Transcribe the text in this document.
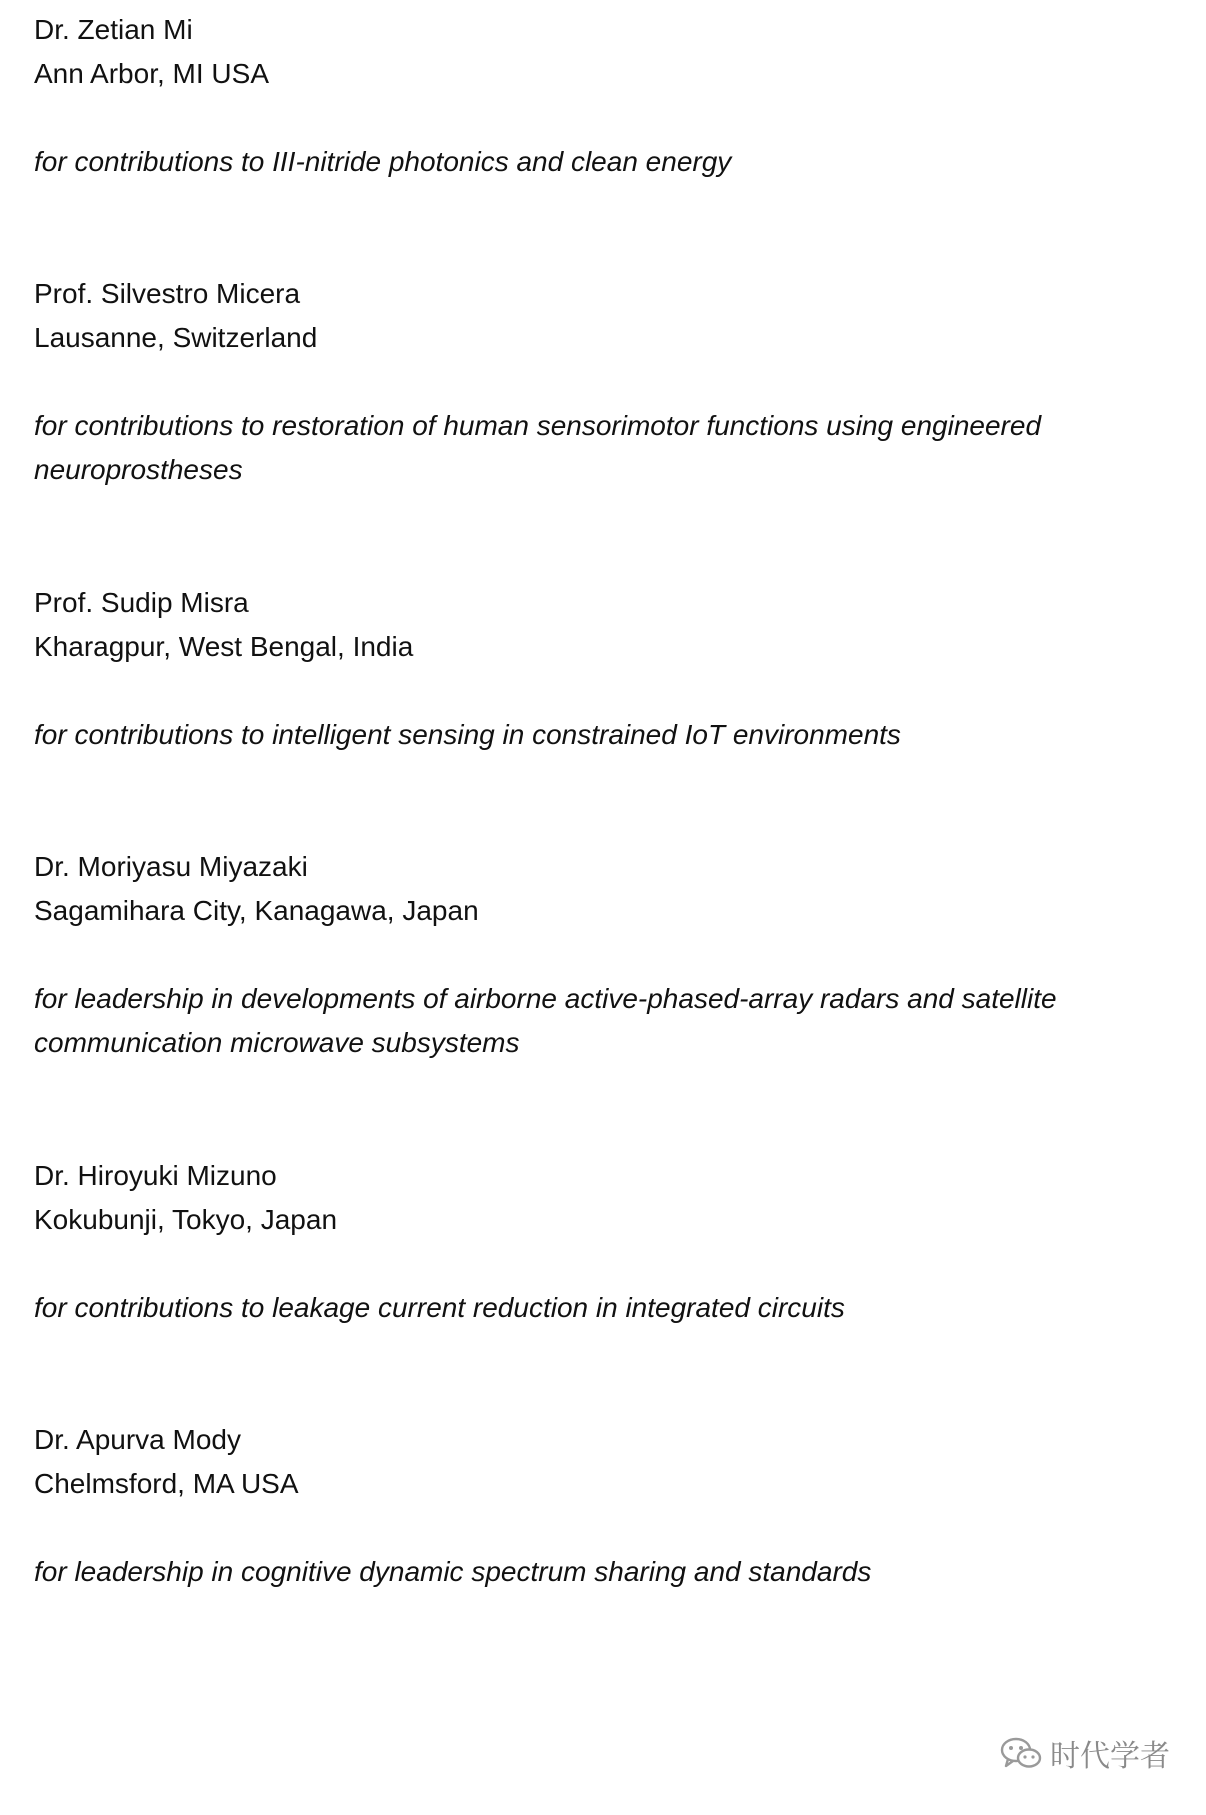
Dr. Zetian Mi
Ann Arbor, MI USA
for contributions to III-nitride photonics and clean energy
Prof. Silvestro Micera
Lausanne, Switzerland
for contributions to restoration of human sensorimotor functions using engineered neuroprostheses
Prof. Sudip Misra
Kharagpur, West Bengal, India
for contributions to intelligent sensing in constrained IoT environments
Dr. Moriyasu Miyazaki
Sagamihara City, Kanagawa, Japan
for leadership in developments of airborne active-phased-array radars and satellite communication microwave subsystems
Dr. Hiroyuki Mizuno
Kokubunji, Tokyo, Japan
for contributions to leakage current reduction in integrated circuits
Dr. Apurva Mody
Chelmsford, MA USA
for leadership in cognitive dynamic spectrum sharing and standards
时代学者
